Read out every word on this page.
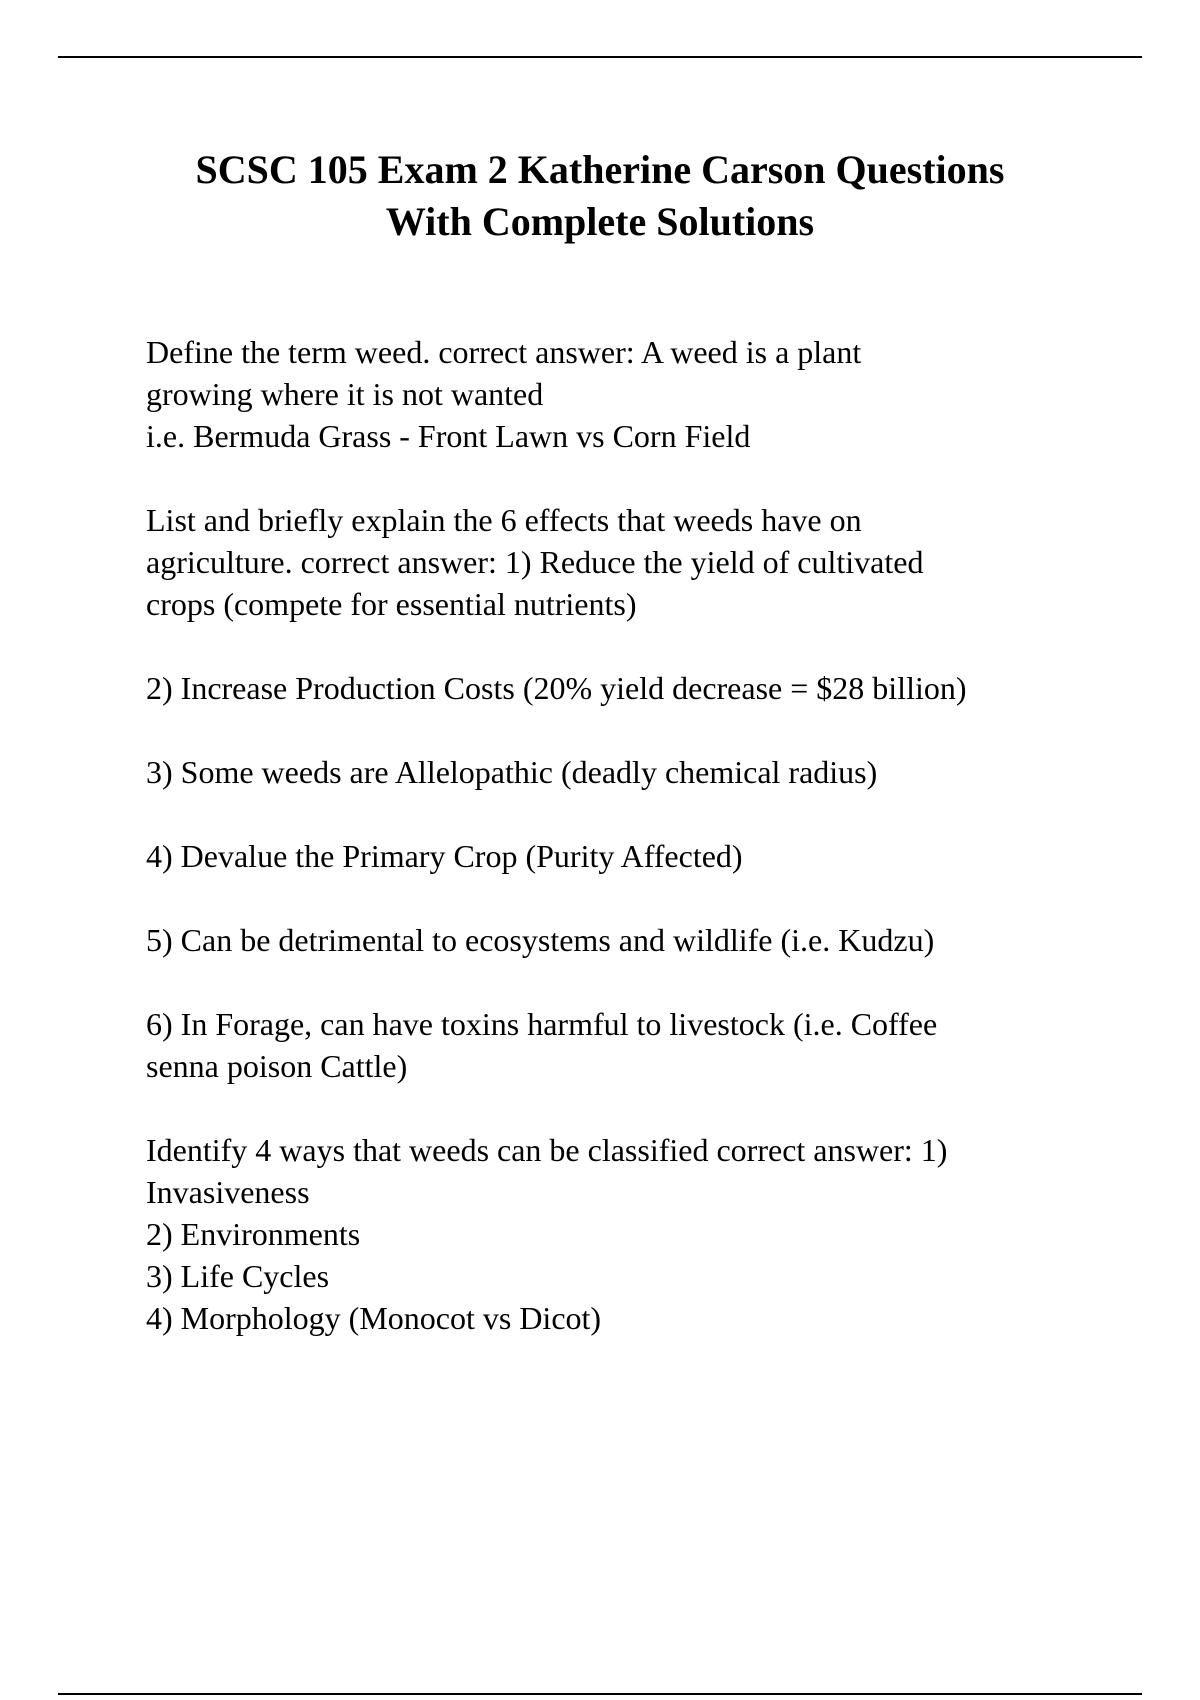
SCSC 105 Exam 2 Katherine Carson Questions
With Complete Solutions

Define the term weed. correct answer: A weed is a plant
growing where it is not wanted
i.e. Bermuda Grass - Front Lawn vs Corn Field

List and briefly explain the 6 effects that weeds have on
agriculture. correct answer: 1) Reduce the yield of cultivated
crops (compete for essential nutrients)

2) Increase Production Costs (20% yield decrease = $28 billion)

3) Some weeds are Allelopathic (deadly chemical radius)

4) Devalue the Primary Crop (Purity Affected)

5) Can be detrimental to ecosystems and wildlife (i.e. Kudzu)

6) In Forage, can have toxins harmful to livestock (i.e. Coffee
senna poison Cattle)

Identify 4 ways that weeds can be classified correct answer: 1)
Invasiveness
2) Environments
3) Life Cycles
4) Morphology (Monocot vs Dicot)
